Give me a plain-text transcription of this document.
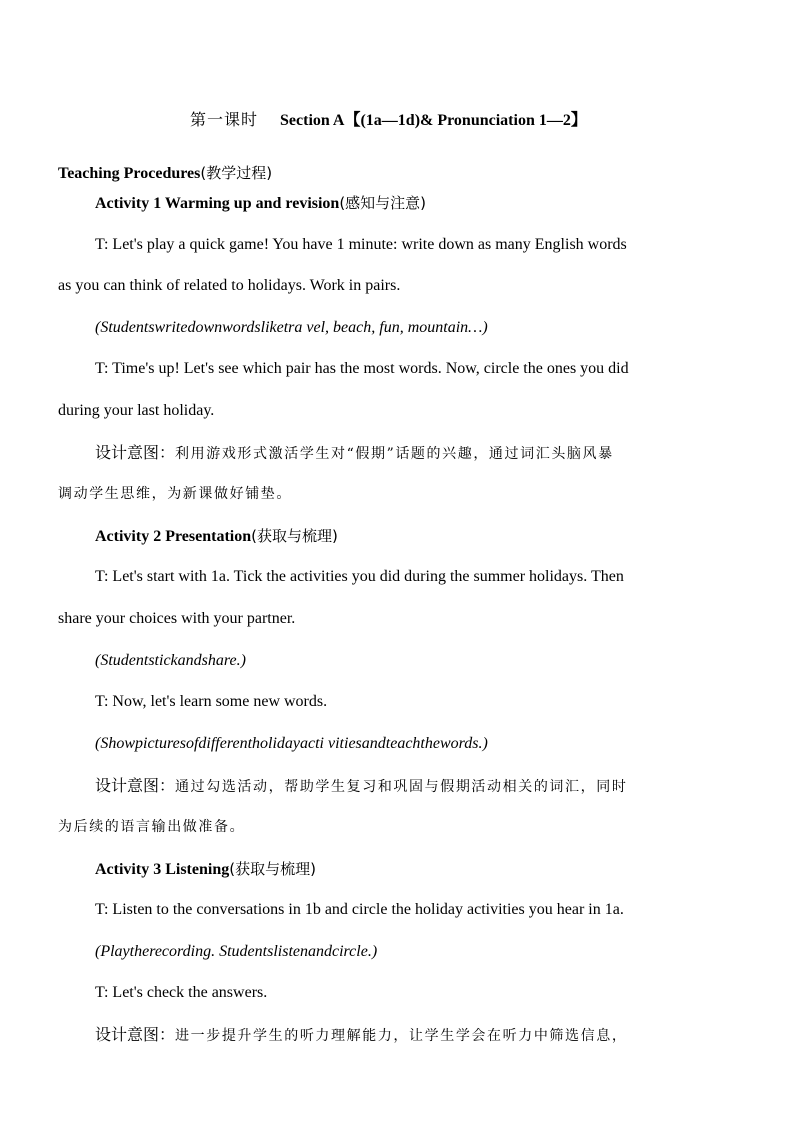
第一课时 Section A【(1a—1d)& Pronunciation 1—2】
Teaching Procedures(教学过程)
Activity 1 Warming up and revision(感知与注意)
T: Let's play a quick game! You have 1 minute: write down as many English words
as you can think of related to holidays. Work in pairs.
(Studentswritedownwordsliketra vel, beach, fun, mountain…)
T: Time's up! Let's see which pair has the most words. Now, circle the ones you did
during your last holiday.
设计意图：利用游戏形式激活学生对“假期”话题的兴趣，通过词汇头脑风暴
调动学生思维，为新课做好铺垫。
Activity 2 Presentation(获取与梳理)
T: Let's start with 1a. Tick the activities you did during the summer holidays. Then
share your choices with your partner.
(Studentstickandshare.)
T: Now, let's learn some new words.
(Showpicturesofdifferentholidayacti vitiesandteachthewords.)
设计意图：通过勾选活动，帮助学生复习和巩固与假期活动相关的词汇，同时
为后续的语言输出做准备。
Activity 3 Listening(获取与梳理)
T: Listen to the conversations in 1b and circle the holiday activities you hear in 1a.
(Playtherecording. Studentslistenandcircle.)
T: Let's check the answers.
设计意图：进一步提升学生的听力理解能力，让学生学会在听力中筛选信息，
